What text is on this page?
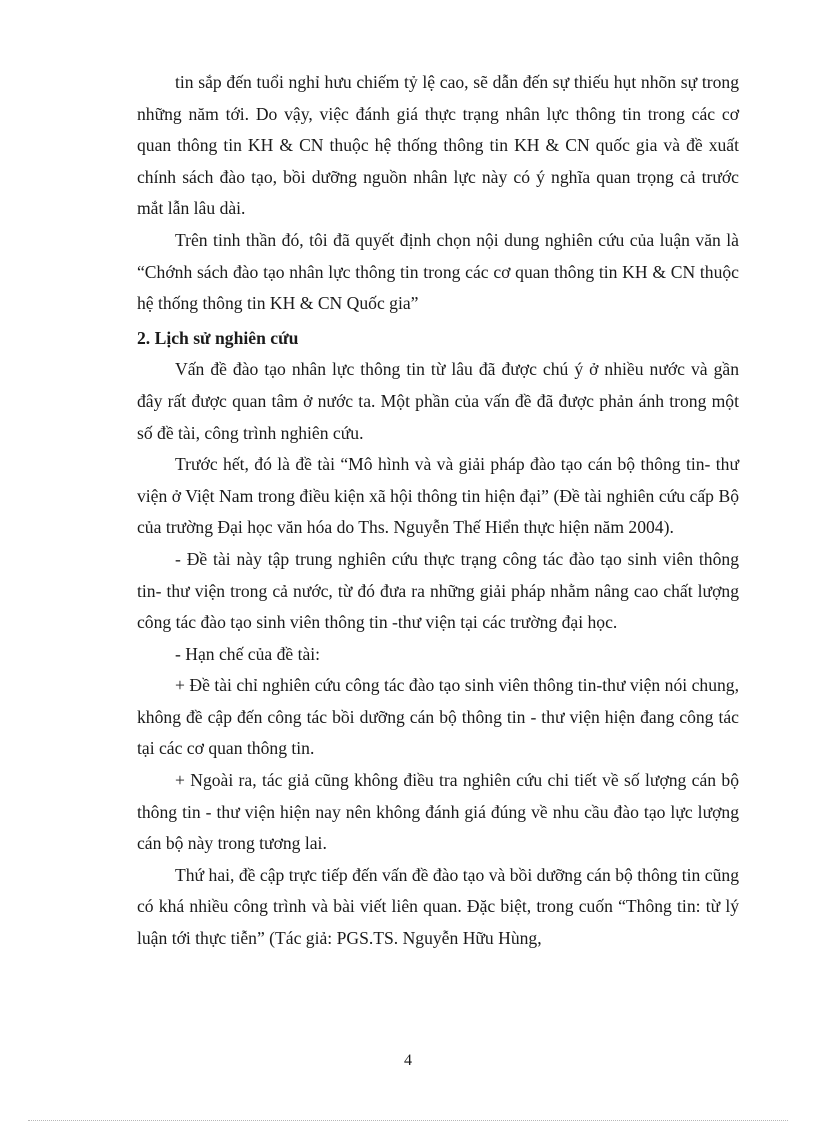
tin sắp đến tuổi nghỉ hưu chiếm tỷ lệ cao, sẽ dẫn đến sự thiếu hụt nhõn sự trong những năm tới. Do vậy, việc đánh giá thực trạng nhân lực thông tin trong các cơ quan thông tin KH & CN thuộc hệ thống thông tin KH & CN quốc gia và đề xuất chính sách đào tạo, bồi dưỡng nguồn nhân lực này có ý nghĩa quan trọng cả trước mắt lẫn lâu dài.

Trên tinh thần đó, tôi đã quyết định chọn nội dung nghiên cứu của luận văn là “Chớnh sách đào tạo nhân lực thông tin trong các cơ quan thông tin KH & CN thuộc hệ thống thông tin KH & CN Quốc gia”

2. Lịch sử nghiên cứu

Vấn đề đào tạo nhân lực thông tin từ lâu đã được chú ý ở nhiều nước và gần đây rất được quan tâm ở nước ta. Một phần của vấn đề đã được phản ánh trong một số đề tài, công trình nghiên cứu.

Trước hết, đó là đề tài “Mô hình và và giải pháp đào tạo cán bộ thông tin- thư viện ở Việt Nam trong điều kiện xã hội thông tin hiện đại” (Đề tài nghiên cứu cấp Bộ của trường Đại học văn hóa do Ths. Nguyễn Thế Hiển thực hiện năm 2004).

- Đề tài này tập trung nghiên cứu thực trạng công tác đào tạo sinh viên thông tin- thư viện trong cả nước, từ đó đưa ra những giải pháp nhằm nâng cao chất lượng công tác đào tạo sinh viên thông tin -thư viện tại các trường đại học.

- Hạn chế của đề tài:

+ Đề tài chỉ nghiên cứu công tác đào tạo sinh viên thông tin-thư viện nói chung, không đề cập đến công tác bồi dưỡng cán bộ thông tin - thư viện hiện đang công tác tại các cơ quan thông tin.

+ Ngoài ra, tác giả cũng không điều tra nghiên cứu chi tiết về số lượng cán bộ thông tin - thư viện hiện nay nên không đánh giá đúng về nhu cầu đào tạo lực lượng cán bộ này trong tương lai.

Thứ hai, đề cập trực tiếp đến vấn đề đào tạo và bồi dưỡng cán bộ thông tin cũng có khá nhiều công trình và bài viết liên quan. Đặc biệt, trong cuốn “Thông tin: từ lý luận tới thực tiễn” (Tác giả: PGS.TS. Nguyễn Hữu Hùng,

4
